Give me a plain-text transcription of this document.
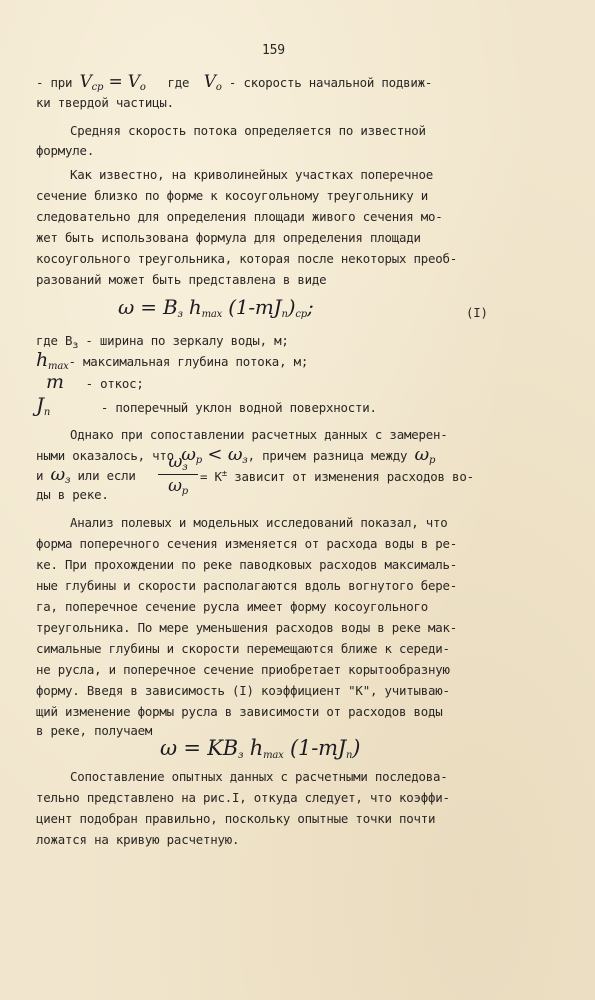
159
- при Vcp = Vo где Vo - скорость начальной подвиж-
ки твердой частицы.
Средняя скорость потока определяется по известной
формуле.
Как известно, на криволинейных участках поперечное
сечение близко по форме к косоугольному треугольнику и
следовательно для определения площади живого сечения мо-
жет быть использована формула для определения площади
косоугольного треугольника, которая после некоторых преоб-
разований может быть представлена в виде
ω = Bз hmax (1-mJn)cp;	(I)
где $B_з$ - ширина по зеркалу воды, м;
hmax- максимальная глубина потока, м;
m - откос;
Jn	- поперечный уклон водной поверхности.
Однако при сопоставлении расчетных данных с замерен-
ными оказалось, что ωp < ωз, причем разница между ωp
и ωз или если
ωз
ωp
= K± зависит от изменения расходов во-
ды в реке.
Анализ полевых и модельных исследований показал, что
форма поперечного сечения изменяется от расхода воды в ре-
ке. При прохождении по реке паводковых расходов максималь-
ные глубины и скорости располагаются вдоль вогнутого бере-
га, поперечное сечение русла имеет форму косоугольного
треугольника. По мере уменьшения расходов воды в реке мак-
симальные глубины и скорости перемещаются ближе к середи-
не русла, и поперечное сечение приобретает корытообразную
форму. Введя в зависимость (I) коэффициент "K", учитываю-
щий изменение формы русла в зависимости от расходов воды
в реке, получаем
ω = KBз hmax (1-mJn)
Сопоставление опытных данных с расчетными последова-
тельно представлено на рис.I, откуда следует, что коэффи-
циент подобран правильно, поскольку опытные точки почти
ложатся на кривую расчетную.
